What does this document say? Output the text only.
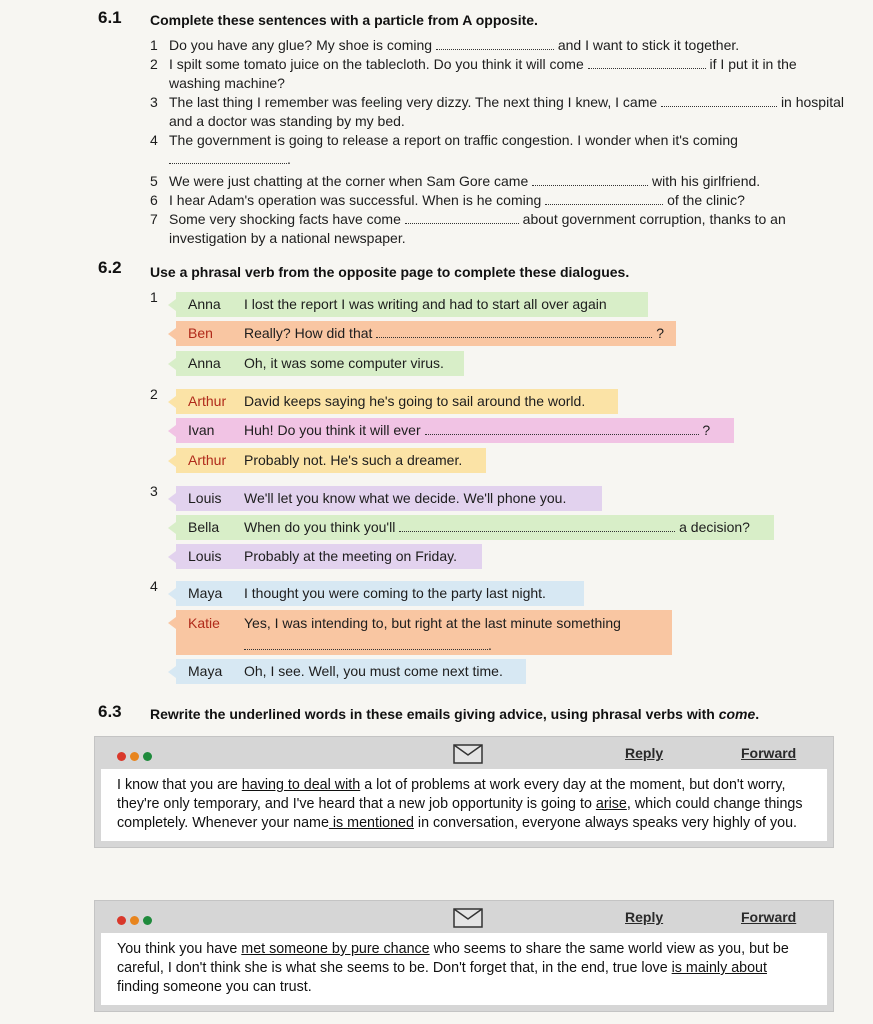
6.1 Complete these sentences with a particle from A opposite.
1 Do you have any glue? My shoe is coming	and I want to stick it together.
2 I spilt some tomato juice on the tablecloth. Do you think it will come	if I put it in the washing machine?
3 The last thing I remember was feeling very dizzy. The next thing I knew, I came	in hospital and a doctor was standing by my bed.
4 The government is going to release a report on traffic congestion. I wonder when it's coming .
5 We were just chatting at the corner when Sam Gore came	with his girlfriend.
6 I hear Adam's operation was successful. When is he coming	of the clinic?
7 Some very shocking facts have come	about government corruption, thanks to an investigation by a national newspaper.
6.2 Use a phrasal verb from the opposite page to complete these dialogues.
1	Anna I lost the report I was writing and had to start all over again
Ben Really? How did that	?
Anna Oh, it was some computer virus.
2	Arthur David keeps saying he's going to sail around the world.
Ivan Huh! Do you think it will ever	?
Arthur Probably not. He's such a dreamer.
3	Louis We'll let you know what we decide. We'll phone you.
Bella When do you think you'll	a decision?
Louis Probably at the meeting on Friday.
4	Maya I thought you were coming to the party last night.
Katie Yes, I was intending to, but right at the last minute something
.
Maya Oh, I see. Well, you must come next time.
6.3 Rewrite the underlined words in these emails giving advice, using phrasal verbs with come.
Reply	Forward
I know that you are having to deal with a lot of problems at work every day at the moment, but don't worry, they're only temporary, and I've heard that a new job opportunity is going to arise, which could change things completely. Whenever your name is mentioned in conversation, everyone always speaks very highly of you.
Reply	Forward
You think you have met someone by pure chance who seems to share the same world view as you, but be careful, I don't think she is what she seems to be. Don't forget that, in the end, true love is mainly about finding someone you can trust.
